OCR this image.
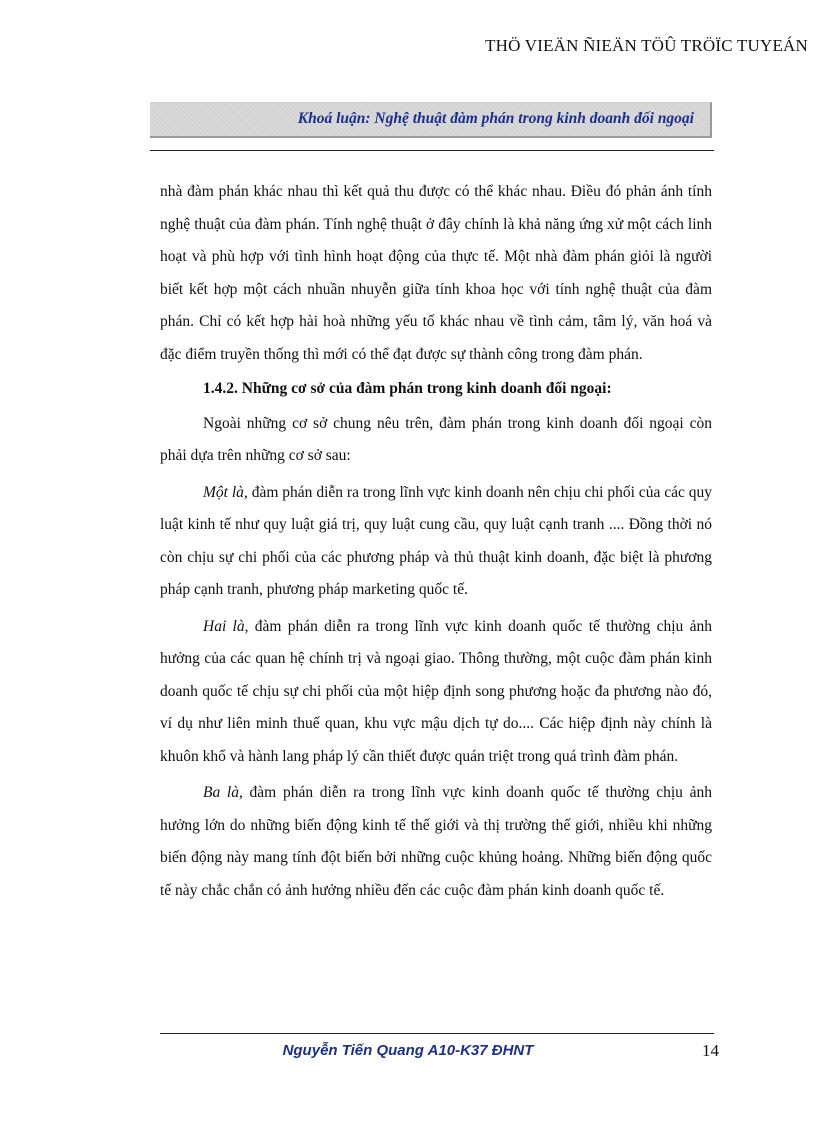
THÖ VIEÄN ÑIEÄN TÖÛ TRÖÏC TUYEÁN
Khoá luận: Nghệ thuật đàm phán trong kinh doanh đối ngoại

nhà đàm phán khác nhau thì kết quả thu được có thể khác nhau. Điều đó phản ánh tính nghệ thuật của đàm phán. Tính nghệ thuật ở đây chính là khả năng ứng xử một cách linh hoạt và phù hợp với tình hình hoạt động của thực tế. Một nhà đàm phán giỏi là người biết kết hợp một cách nhuần nhuyễn giữa tính khoa học với tính nghệ thuật của đàm phán. Chỉ có kết hợp hài hoà những yếu tố khác nhau về tình cảm, tâm lý, văn hoá và đặc điểm truyền thống thì mới có thể đạt được sự thành công trong đàm phán.

1.4.2. Những cơ sở của đàm phán trong kinh doanh đối ngoại:

Ngoài những cơ sở chung nêu trên, đàm phán trong kinh doanh đối ngoại còn phải dựa trên những cơ sở sau:

Một là, đàm phán diễn ra trong lĩnh vực kinh doanh nên chịu chi phối của các quy luật kinh tế như quy luật giá trị, quy luật cung cầu, quy luật cạnh tranh .... Đồng thời nó còn chịu sự chi phối của các phương pháp và thủ thuật kinh doanh, đặc biệt là phương pháp cạnh tranh, phương pháp marketing quốc tế.

Hai là, đàm phán diễn ra trong lĩnh vực kinh doanh quốc tế thường chịu ảnh hưởng của các quan hệ chính trị và ngoại giao. Thông thường, một cuộc đàm phán kinh doanh quốc tế chịu sự chi phối của một hiệp định song phương hoặc đa phương nào đó, ví dụ như liên minh thuế quan, khu vực mậu dịch tự do.... Các hiệp định này chính là khuôn khổ và hành lang pháp lý cần thiết được quán triệt trong quá trình đàm phán.

Ba là, đàm phán diễn ra trong lĩnh vực kinh doanh quốc tế thường chịu ảnh hưởng lớn do những biến động kinh tế thế giới và thị trường thế giới, nhiều khi những biến động này mang tính đột biến bởi những cuộc khủng hoảng. Những biến động quốc tế này chắc chắn có ảnh hưởng nhiều đến các cuộc đàm phán kinh doanh quốc tế.

Nguyễn Tiến Quang A10-K37 ĐHNT	14
